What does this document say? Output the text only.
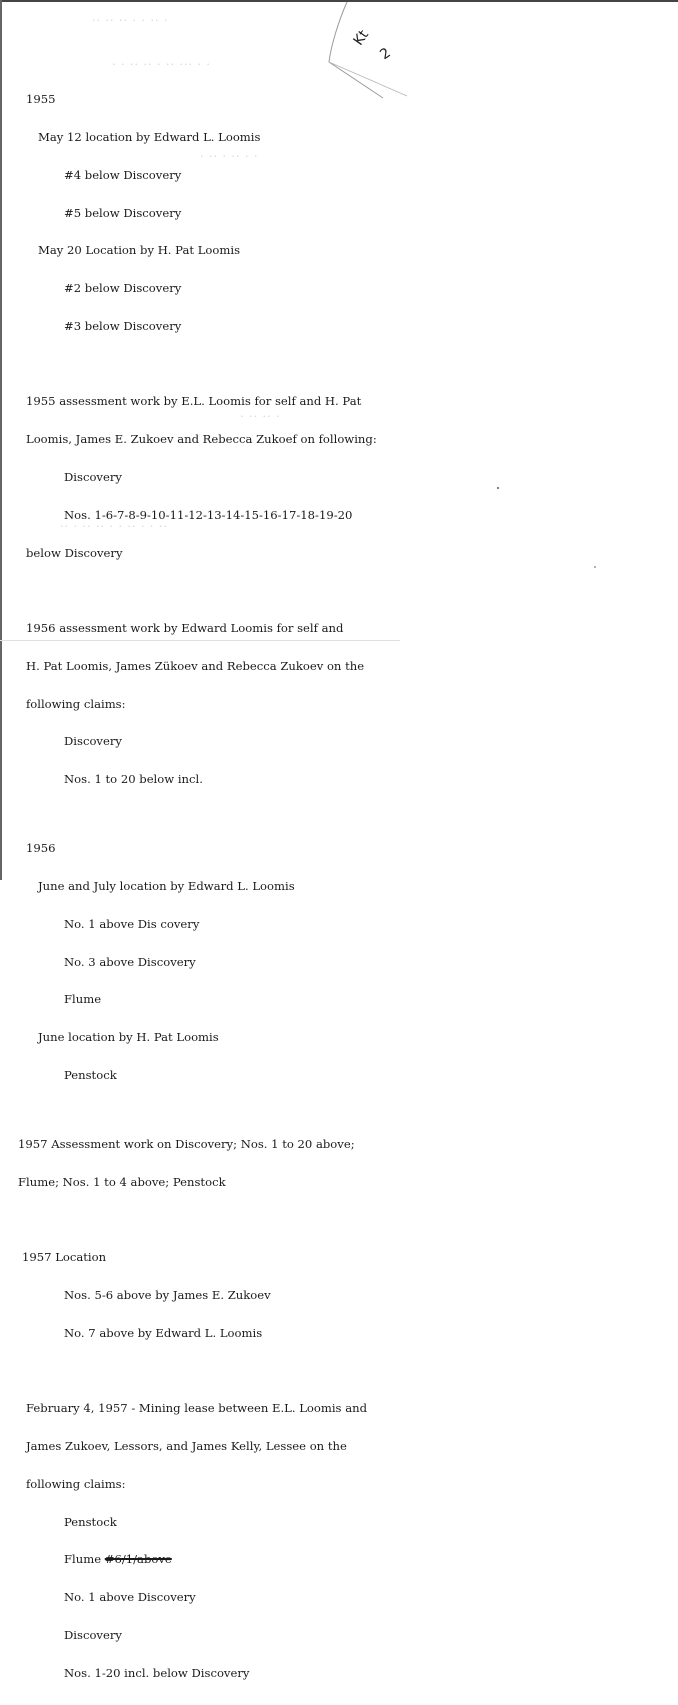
Kt
2
·· ·· ·· · · ·· ·
· · ·· ·· · ·· ··· · ·
· ·· · ·· · ·
· ·· ·· ·
·· · ·· ·· · · ·· · · ··

1955

May 12 location by Edward L. Loomis

#4 below Discovery

#5 below Discovery

May 20 Location by H. Pat Loomis

#2 below Discovery

#3 below Discovery

1955 assessment work by E.L. Loomis for self and H. Pat

Loomis, James E. Zukoev and Rebecca Zukoef on following:

Discovery

Nos. 1-6-7-8-9-10-11-12-13-14-15-16-17-18-19-20

below Discovery

1956 assessment work by Edward Loomis for self and

H. Pat Loomis, James Zükoev and Rebecca Zukoev on the

following claims:

Discovery

Nos. 1 to 20 below incl.

1956

June and July location by Edward L. Loomis

No. 1 above Dis covery

No. 3 above Discovery

Flume

June location by H. Pat Loomis

Penstock

1957 Assessment work on Discovery; Nos. 1 to 20 above;

Flume; Nos. 1 to 4 above; Penstock

1957 Location

Nos. 5-6 above by James E. Zukoev

No. 7 above by Edward L. Loomis

February 4, 1957 - Mining lease between E.L. Loomis and

James Zukoev, Lessors, and James Kelly, Lessee on the

following claims:

Penstock

Flume #6/1/above

No. 1 above Discovery

Discovery

Nos. 1-20 incl. below Discovery
